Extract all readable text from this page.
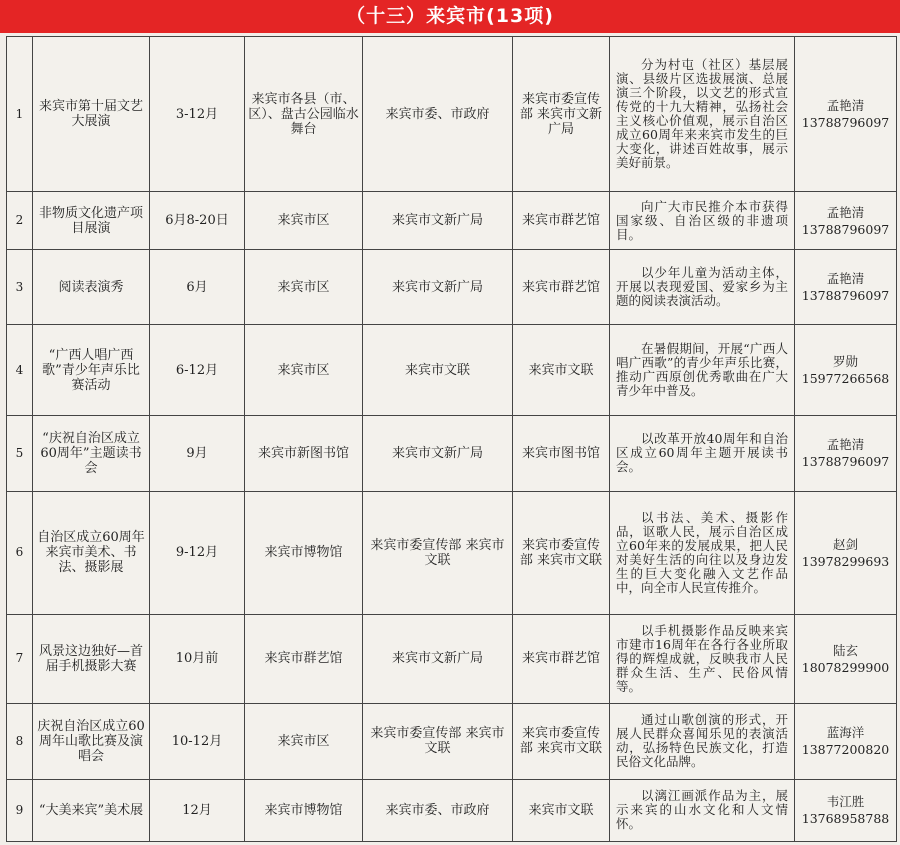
（十三）来宾市(13项)
1	来宾市第十届文艺大展演	3-12月	来宾市各县（市、区）、盘古公园临水舞台	来宾市委、市政府	来宾市委宣传部 来宾市文新广局	分为村屯（社区）基层展演、县级片区选拔展演、总展演三个阶段，以文艺的形式宣传党的十九大精神，弘扬社会主义核心价值观，展示自治区成立60周年来来宾市发生的巨大变化，讲述百姓故事，展示美好前景。	孟艳清
13788796097

2	非物质文化遗产项目展演	6月8-20日	来宾市区	来宾市文新广局	来宾市群艺馆	向广大市民推介本市获得国家级、自治区级的非遗项目。	孟艳清
13788796097

3	阅读表演秀	6月	来宾市区	来宾市文新广局	来宾市群艺馆	以少年儿童为活动主体，开展以表现爱国、爱家乡为主题的阅读表演活动。	孟艳清
13788796097

4	“广西人唱广西歌”青少年声乐比赛活动	6-12月	来宾市区	来宾市文联	来宾市文联	在暑假期间，开展“广西人唱广西歌”的青少年声乐比赛，推动广西原创优秀歌曲在广大青少年中普及。	罗勋
15977266568

5	“庆祝自治区成立60周年”主题读书会	9月	来宾市新图书馆	来宾市文新广局	来宾市图书馆	以改革开放40周年和自治区成立60周年主题开展读书会。	孟艳清
13788796097

6	自治区成立60周年来宾市美术、书法、摄影展	9-12月	来宾市博物馆	来宾市委宣传部 来宾市文联	来宾市委宣传部 来宾市文联	以书法、美术、摄影作品，讴歌人民，展示自治区成立60年来的发展成果，把人民对美好生活的向往以及身边发生的巨大变化融入文艺作品中，向全市人民宣传推介。	赵剑
13978299693

7	风景这边独好—首届手机摄影大赛	10月前	来宾市群艺馆	来宾市文新广局	来宾市群艺馆	以手机摄影作品反映来宾市建市16周年在各行各业所取得的辉煌成就，反映我市人民群众生活、生产、民俗风情等。	陆玄
18078299900

8	庆祝自治区成立60周年山歌比赛及演唱会	10-12月	来宾市区	来宾市委宣传部 来宾市文联	来宾市委宣传部 来宾市文联	通过山歌创演的形式，开展人民群众喜闻乐见的表演活动，弘扬特色民族文化，打造民俗文化品牌。	蓝海洋
13877200820

9	“大美来宾”美术展	12月	来宾市博物馆	来宾市委、市政府	来宾市文联	以漓江画派作品为主，展示来宾的山水文化和人文情怀。	韦江胜
13768958788
